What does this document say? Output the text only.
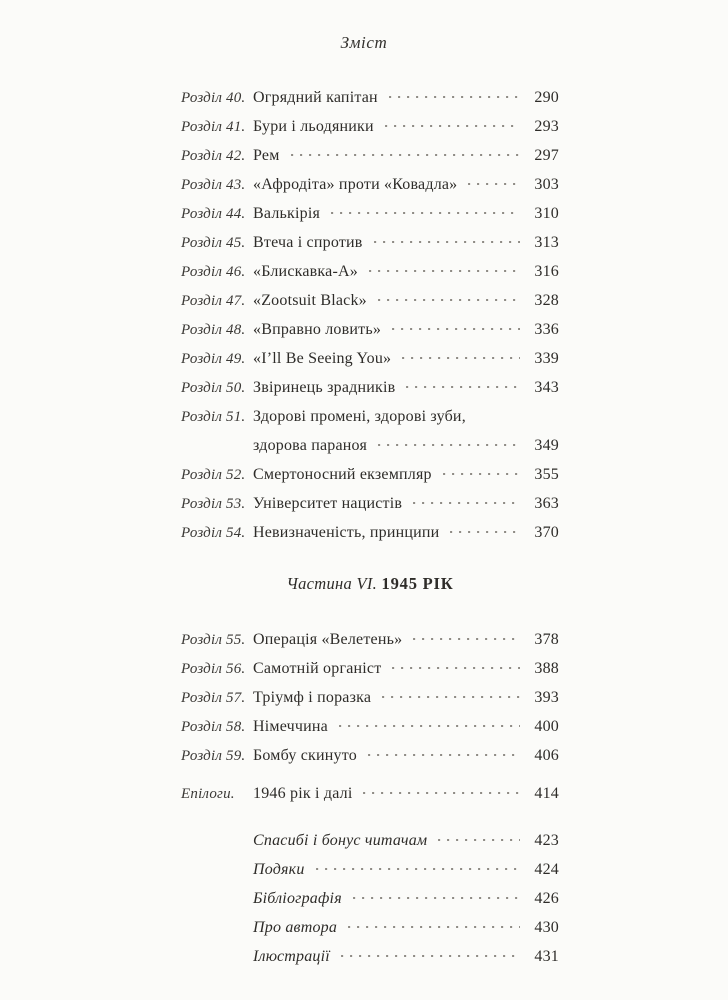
Зміст
Розділ 40. Огрядний капітан	290
Розділ 41. Бури і льодяники	293
Розділ 42. Рем	297
Розділ 43. «Афродіта» проти «Ковадла»	303
Розділ 44. Валькірія	310
Розділ 45. Втеча і спротив	313
Розділ 46. «Блискавка-А»	316
Розділ 47. «Zootsuit Black»	328
Розділ 48. «Вправно ловить»	336
Розділ 49. «I’ll Be Seeing You»	339
Розділ 50. Звіринець зрадників	343
Розділ 51. Здорові промені, здорові зуби,
здорова параноя	349
Розділ 52. Смертоносний екземпляр	355
Розділ 53. Університет нацистів	363
Розділ 54. Невизначеність, принципи	370
Частина VI. 1945 РІК
Розділ 55. Операція «Велетень»	378
Розділ 56. Самотній органіст	388
Розділ 57. Тріумф і поразка	393
Розділ 58. Німеччина	400
Розділ 59. Бомбу скинуто	406
Епілоги.	1946 рік і далі	414
Спасибі і бонус читачам	423
Подяки	424
Бібліографія	426
Про автора	430
Ілюстрації	431
